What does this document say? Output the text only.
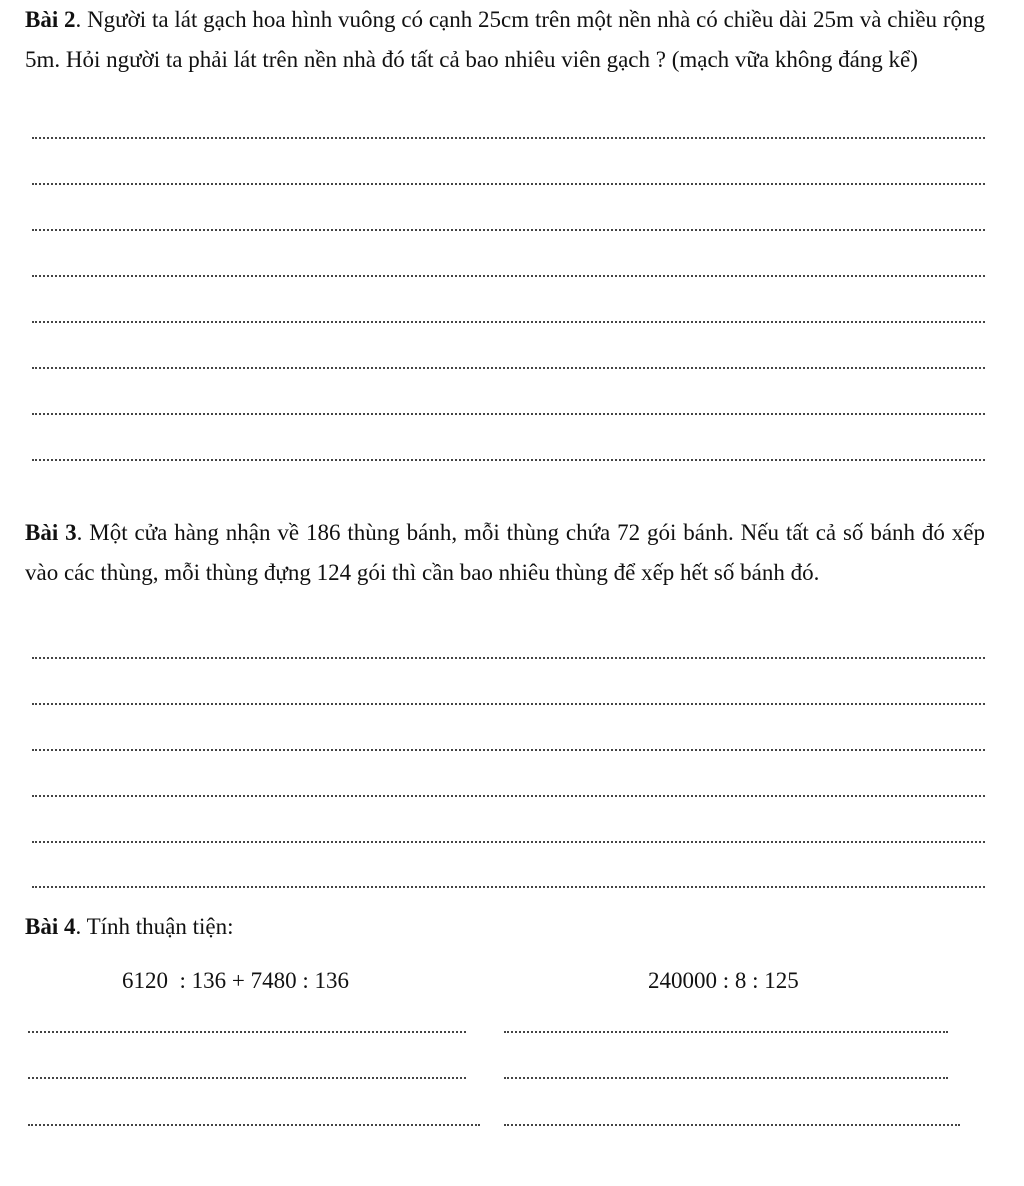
Bài 2. Người ta lát gạch hoa hình vuông có cạnh 25cm trên một nền nhà có chiều dài 25m và chiều rộng 5m. Hỏi người ta phải lát trên nền nhà đó tất cả bao nhiêu viên gạch ? (mạch vữa không đáng kể)
Bài 3. Một cửa hàng nhận về 186 thùng bánh, mỗi thùng chứa 72 gói bánh. Nếu tất cả số bánh đó xếp vào các thùng, mỗi thùng đựng 124 gói thì cần bao nhiêu thùng để xếp hết số bánh đó.
Bài 4. Tính thuận tiện:
6120  : 136 + 7480 : 136	240000 : 8 : 125
